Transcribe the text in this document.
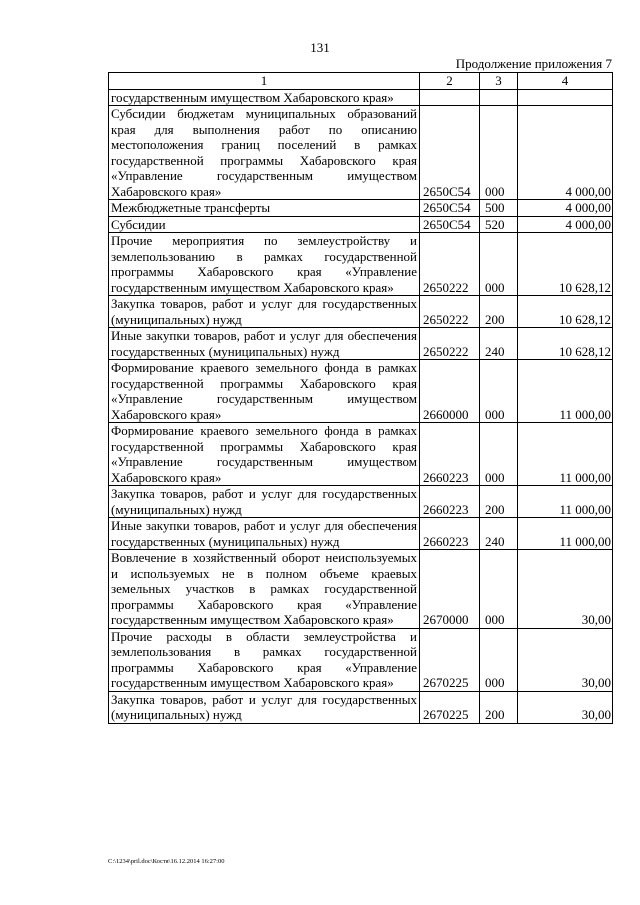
131
Продолжение приложения 7
1	2	3	4
государственным имуществом Хабаровского края»			
Субсидии бюджетам муниципальных образований края для выполнения работ по описанию местоположения границ поселений в рамках государственной программы Хабаровского края «Управление государственным имуществом Хабаровского края»	2650С54	000	4 000,00
Межбюджетные трансферты	2650С54	500	4 000,00
Субсидии	2650С54	520	4 000,00
Прочие мероприятия по землеустройству и землепользованию в рамках государственной программы Хабаровского края «Управление государственным имуществом Хабаровского края»	2650222	000	10 628,12
Закупка товаров, работ и услуг для государственных (муниципальных) нужд	2650222	200	10 628,12
Иные закупки товаров, работ и услуг для обеспечения государственных (муниципальных) нужд	2650222	240	10 628,12
Формирование краевого земельного фонда в рамках государственной программы Хабаровского края «Управление государственным имуществом Хабаровского края»	2660000	000	11 000,00
Формирование краевого земельного фонда в рамках государственной программы Хабаровского края «Управление государственным имуществом Хабаровского края»	2660223	000	11 000,00
Закупка товаров, работ и услуг для государственных (муниципальных) нужд	2660223	200	11 000,00
Иные закупки товаров, работ и услуг для обеспечения государственных (муниципальных) нужд	2660223	240	11 000,00
Вовлечение в хозяйственный оборот неиспользуемых и используемых не в полном объеме краевых земельных участков в рамках государственной программы Хабаровского края «Управление государственным имуществом Хабаровского края»	2670000	000	30,00
Прочие расходы в области землеустройства и землепользования в рамках государственной программы Хабаровского края «Управление государственным имуществом Хабаровского края»	2670225	000	30,00
Закупка товаров, работ и услуг для государственных (муниципальных) нужд	2670225	200	30,00
C:\1234\pril.doc\Костя\16.12.2014 16:27:00
